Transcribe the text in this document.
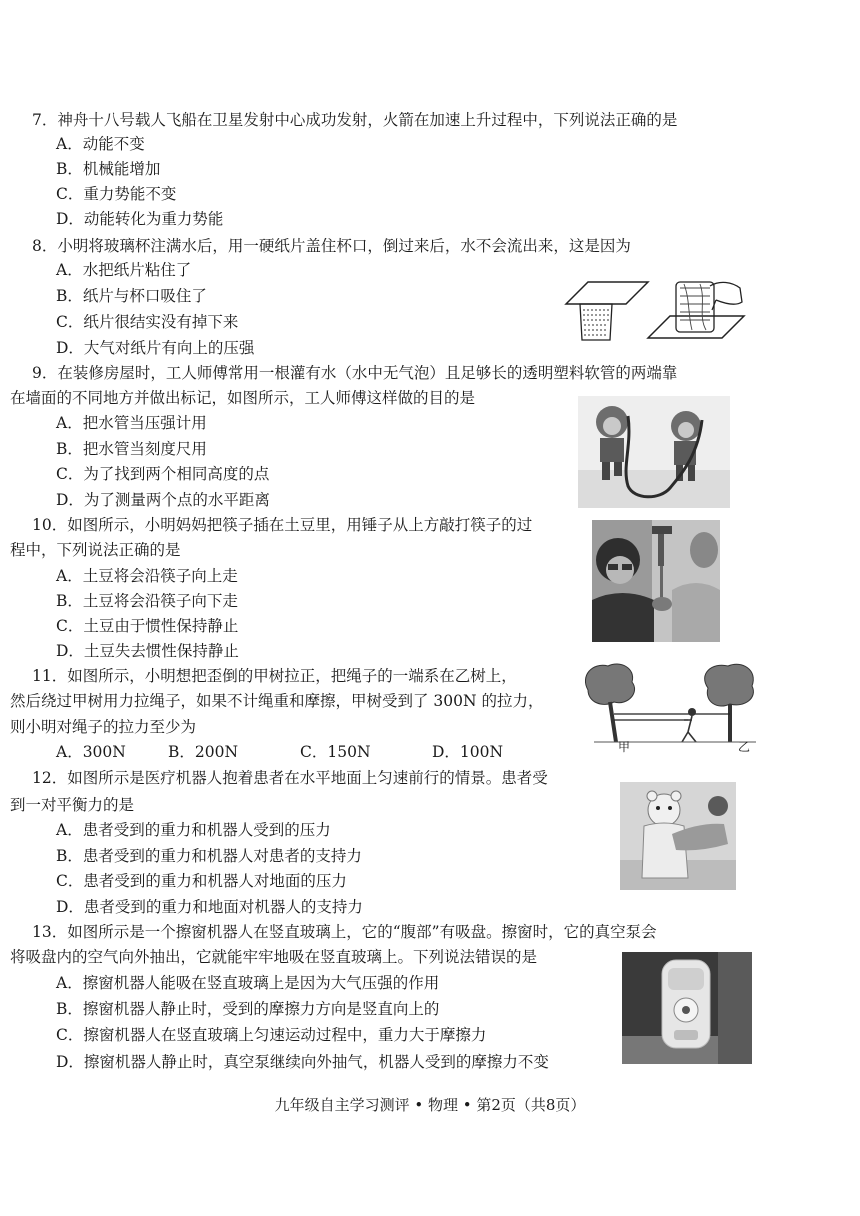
7．神舟十八号载人飞船在卫星发射中心成功发射，火箭在加速上升过程中，下列说法正确的是
A．动能不变
B．机械能增加
C．重力势能不变
D．动能转化为重力势能
8．小明将玻璃杯注满水后，用一硬纸片盖住杯口，倒过来后，水不会流出来，这是因为
A．水把纸片粘住了
B．纸片与杯口吸住了
C．纸片很结实没有掉下来
D．大气对纸片有向上的压强
9．在装修房屋时，工人师傅常用一根灌有水（水中无气泡）且足够长的透明塑料软管的两端靠
在墙面的不同地方并做出标记，如图所示，工人师傅这样做的目的是
A．把水管当压强计用
B．把水管当刻度尺用
C．为了找到两个相同高度的点
D．为了测量两个点的水平距离
10．如图所示，小明妈妈把筷子插在土豆里，用锤子从上方敲打筷子的过
程中，下列说法正确的是
A．土豆将会沿筷子向上走
B．土豆将会沿筷子向下走
C．土豆由于惯性保持静止
D．土豆失去惯性保持静止
11．如图所示，小明想把歪倒的甲树拉正，把绳子的一端系在乙树上，
然后绕过甲树用力拉绳子，如果不计绳重和摩擦，甲树受到了 300N 的拉力，
则小明对绳子的拉力至少为
A．300N	B．200N	C．150N	D．100N	甲	乙
12．如图所示是医疗机器人抱着患者在水平地面上匀速前行的情景。患者受
到一对平衡力的是
A．患者受到的重力和机器人受到的压力
B．患者受到的重力和机器人对患者的支持力
C．患者受到的重力和机器人对地面的压力
D．患者受到的重力和地面对机器人的支持力
13．如图所示是一个擦窗机器人在竖直玻璃上，它的“腹部”有吸盘。擦窗时，它的真空泵会
将吸盘内的空气向外抽出，它就能牢牢地吸在竖直玻璃上。下列说法错误的是
A．擦窗机器人能吸在竖直玻璃上是因为大气压强的作用
B．擦窗机器人静止时，受到的摩擦力方向是竖直向上的
C．擦窗机器人在竖直玻璃上匀速运动过程中，重力大于摩擦力
D．擦窗机器人静止时，真空泵继续向外抽气，机器人受到的摩擦力不变
九年级自主学习测评 • 物理 • 第2页（共8页）
